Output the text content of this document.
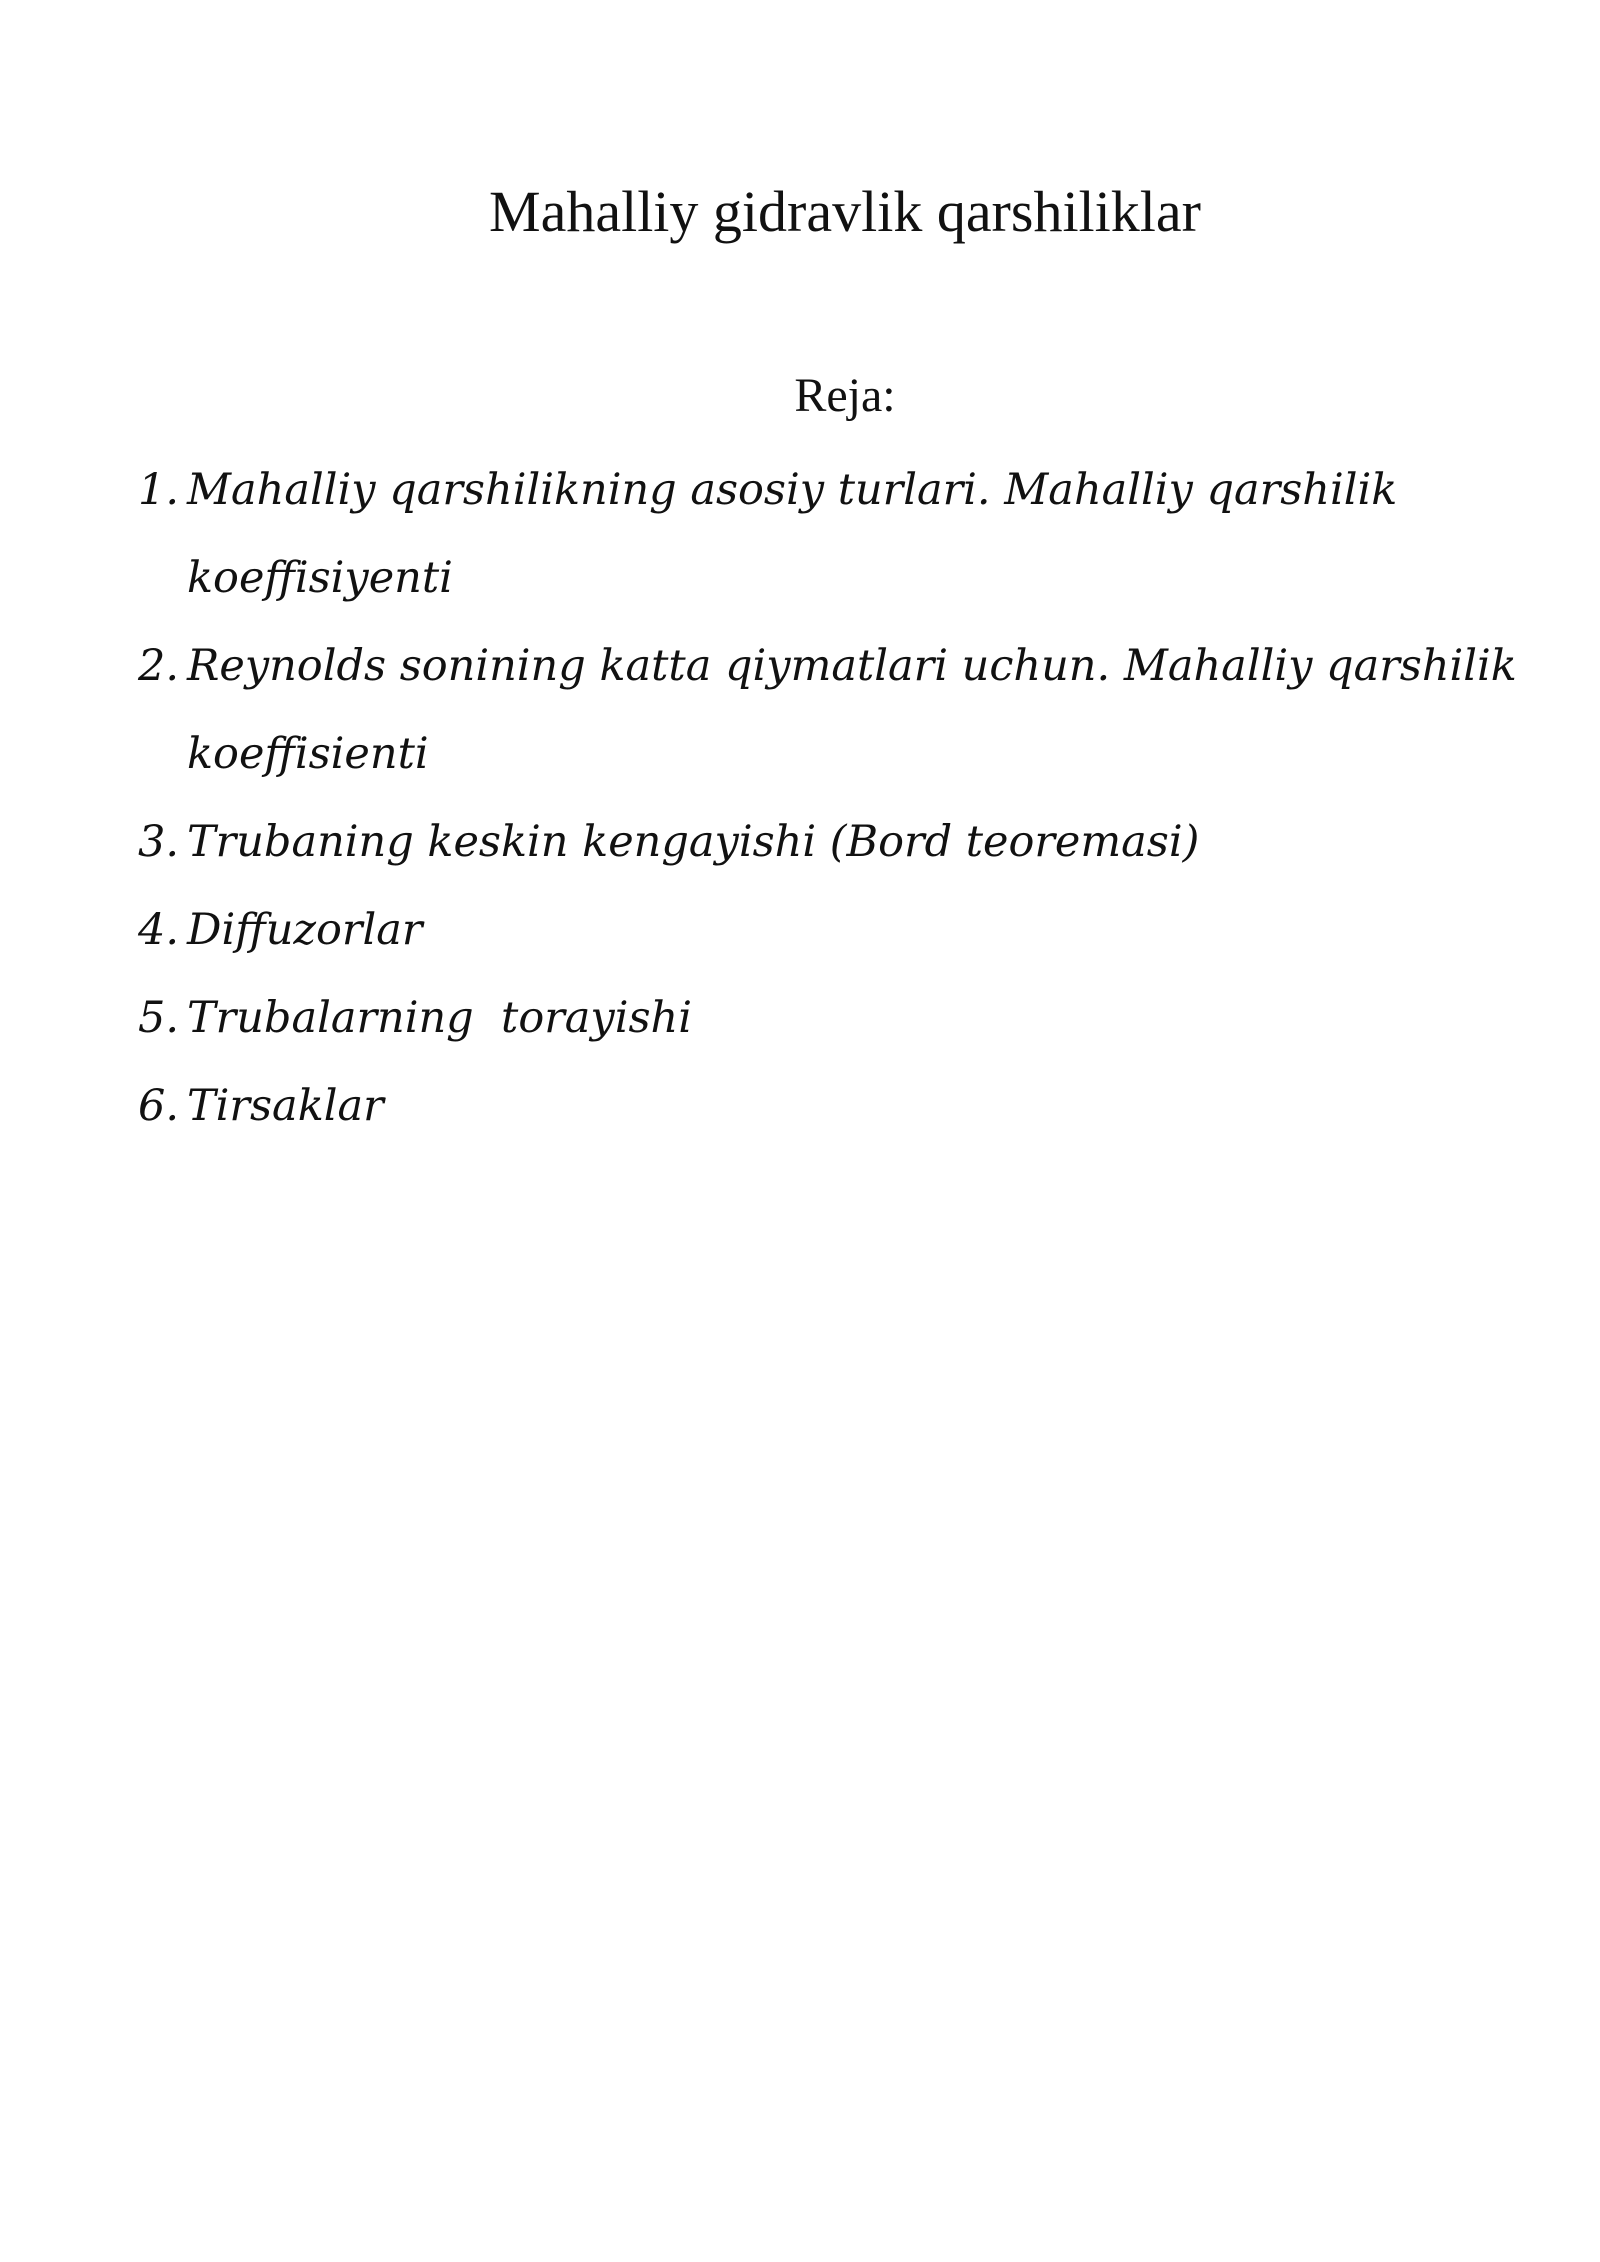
Mahalliy gidravlik qarshiliklar
Reja:
1. Mahalliy qarshilikning asosiy turlari. Mahalliy qarshilik koeffisiyenti
2. Reynolds sonining katta qiymatlari uchun. Mahalliy qarshilik koeffisienti
3. Trubaning keskin kengayishi (Bord teoremasi)
4. Diffuzorlar
5. Trubalarning  torayishi
6. Tirsaklar
